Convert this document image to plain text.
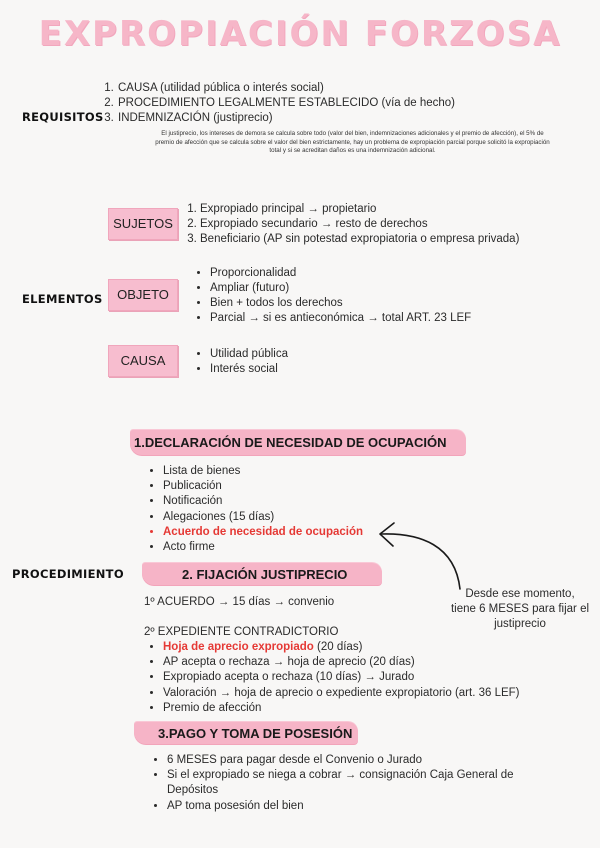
EXPROPIACIÓN FORZOSA
REQUISITOS
1. CAUSA (utilidad pública o interés social)
2. PROCEDIMIENTO LEGALMENTE ESTABLECIDO (vía de hecho)
3. INDEMNIZACIÓN (justiprecio)
El justiprecio, los intereses de demora se calcula sobre todo (valor del bien, indemnizaciones adicionales y el premio de afección), el 5% de premio de afección que se calcula sobre el valor del bien estrictamente, hay un problema de expropiación parcial porque solicitó la expropiación total y si se acreditan daños es una indemnización adicional.
ELEMENTOS
SUJETOS
1. Expropiado principal → propietario
2. Expropiado secundario → resto de derechos
3. Beneficiario (AP sin potestad expropiatoria o empresa privada)
OBJETO
• Proporcionalidad
• Ampliar (futuro)
• Bien + todos los derechos
• Parcial → si es antieconómica → total ART. 23 LEF
CAUSA
•	Utilidad pública
• Interés social
PROCEDIMIENTO
1.DECLARACIÓN DE NECESIDAD DE OCUPACIÓN
• Lista de bienes
• Publicación
• Notificación
• Alegaciones (15 días)
• Acuerdo de necesidad de ocupación
• Acto firme
2. FIJACIÓN JUSTIPRECIO
1º ACUERDO → 15 días → convenio
2º EXPEDIENTE CONTRADICTORIO
• Hoja de aprecio expropiado (20 días)
• AP acepta o rechaza → hoja de aprecio (20 días)
• Expropiado acepta o rechaza (10 días) → Jurado
• Valoración → hoja de aprecio o expediente expropiatorio (art. 36 LEF)
• Premio de afección
3.PAGO Y TOMA DE POSESIÓN
• 6 MESES para pagar desde el Convenio o Jurado
• Si el expropiado se niega a cobrar → consignación Caja General de Depósitos
• AP toma posesión del bien
Desde ese momento,
tiene 6 MESES para fijar el
justiprecio
